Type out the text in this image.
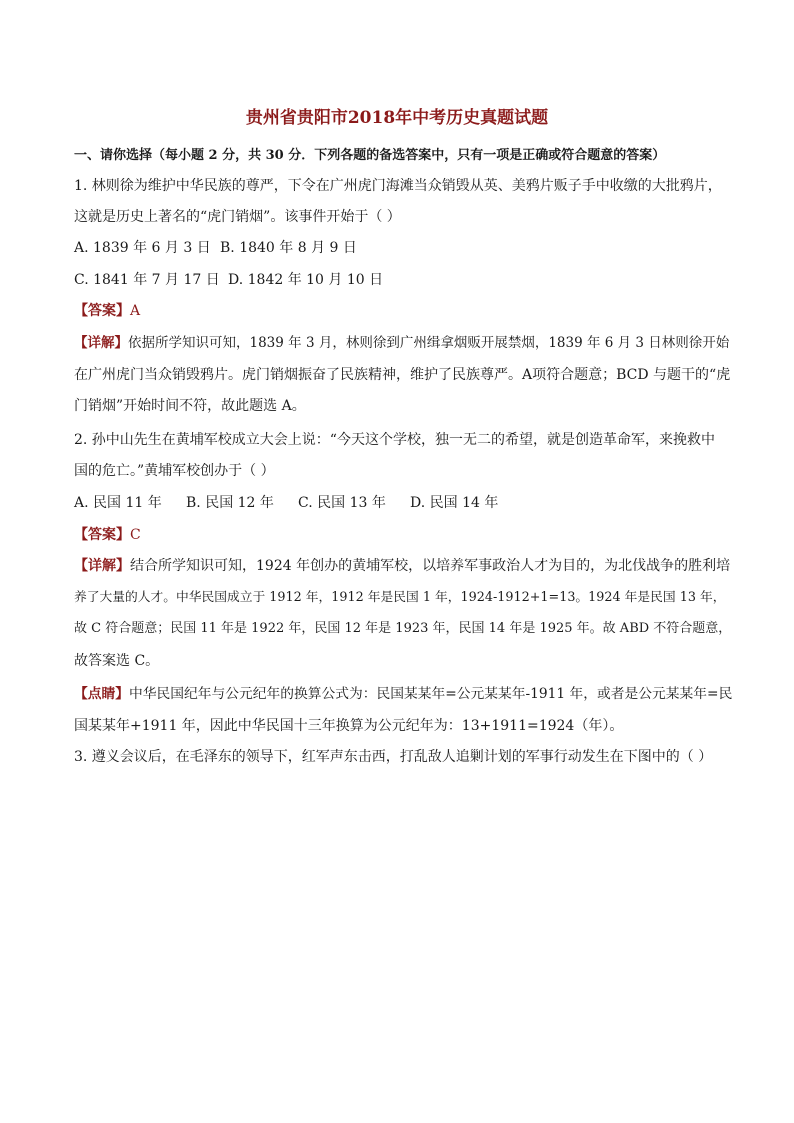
贵州省贵阳市2018年中考历史真题试题
一、请你选择（每小题 2 分，共 30 分．下列各题的备选答案中，只有一项是正确或符合题意的答案）
1. 林则徐为维护中华民族的尊严，下令在广州虎门海滩当众销毁从英、美鸦片贩子手中收缴的大批鸦片，
这就是历史上著名的“虎门销烟”。该事件开始于（ ）
A. 1839 年 6 月 3 日 B. 1840 年 8 月 9 日
C. 1841 年 7 月 17 日 D. 1842 年 10 月 10 日
【答案】A
【详解】依据所学知识可知，1839 年 3 月，林则徐到广州缉拿烟贩开展禁烟，1839 年 6 月 3 日林则徐开始
在广州虎门当众销毁鸦片。虎门销烟振奋了民族精神，维护了民族尊严。A项符合题意；BCD 与题干的“虎
门销烟”开始时间不符，故此题选 A。
2. 孙中山先生在黄埔军校成立大会上说：“今天这个学校，独一无二的希望，就是创造革命军，来挽救中
国的危亡。”黄埔军校创办于（ ）
A. 民国 11 年 B. 民国 12 年 C. 民国 13 年 D. 民国 14 年
【答案】C
【详解】结合所学知识可知，1924 年创办的黄埔军校，以培养军事政治人才为目的，为北伐战争的胜利培
养了大量的人才。中华民国成立于 1912 年，1912 年是民国 1 年，1924-1912+1=13。1924 年是民国 13 年，
故 C 符合题意；民国 11 年是 1922 年，民国 12 年是 1923 年，民国 14 年是 1925 年。故 ABD 不符合题意，
故答案选 C。
【点睛】中华民国纪年与公元纪年的换算公式为：民国某某年=公元某某年-1911 年，或者是公元某某年=民
国某某年+1911 年，因此中华民国十三年换算为公元纪年为：13+1911=1924（年）。
3. 遵义会议后，在毛泽东的领导下，红军声东击西，打乱敌人追剿计划的军事行动发生在下图中的（ ）
